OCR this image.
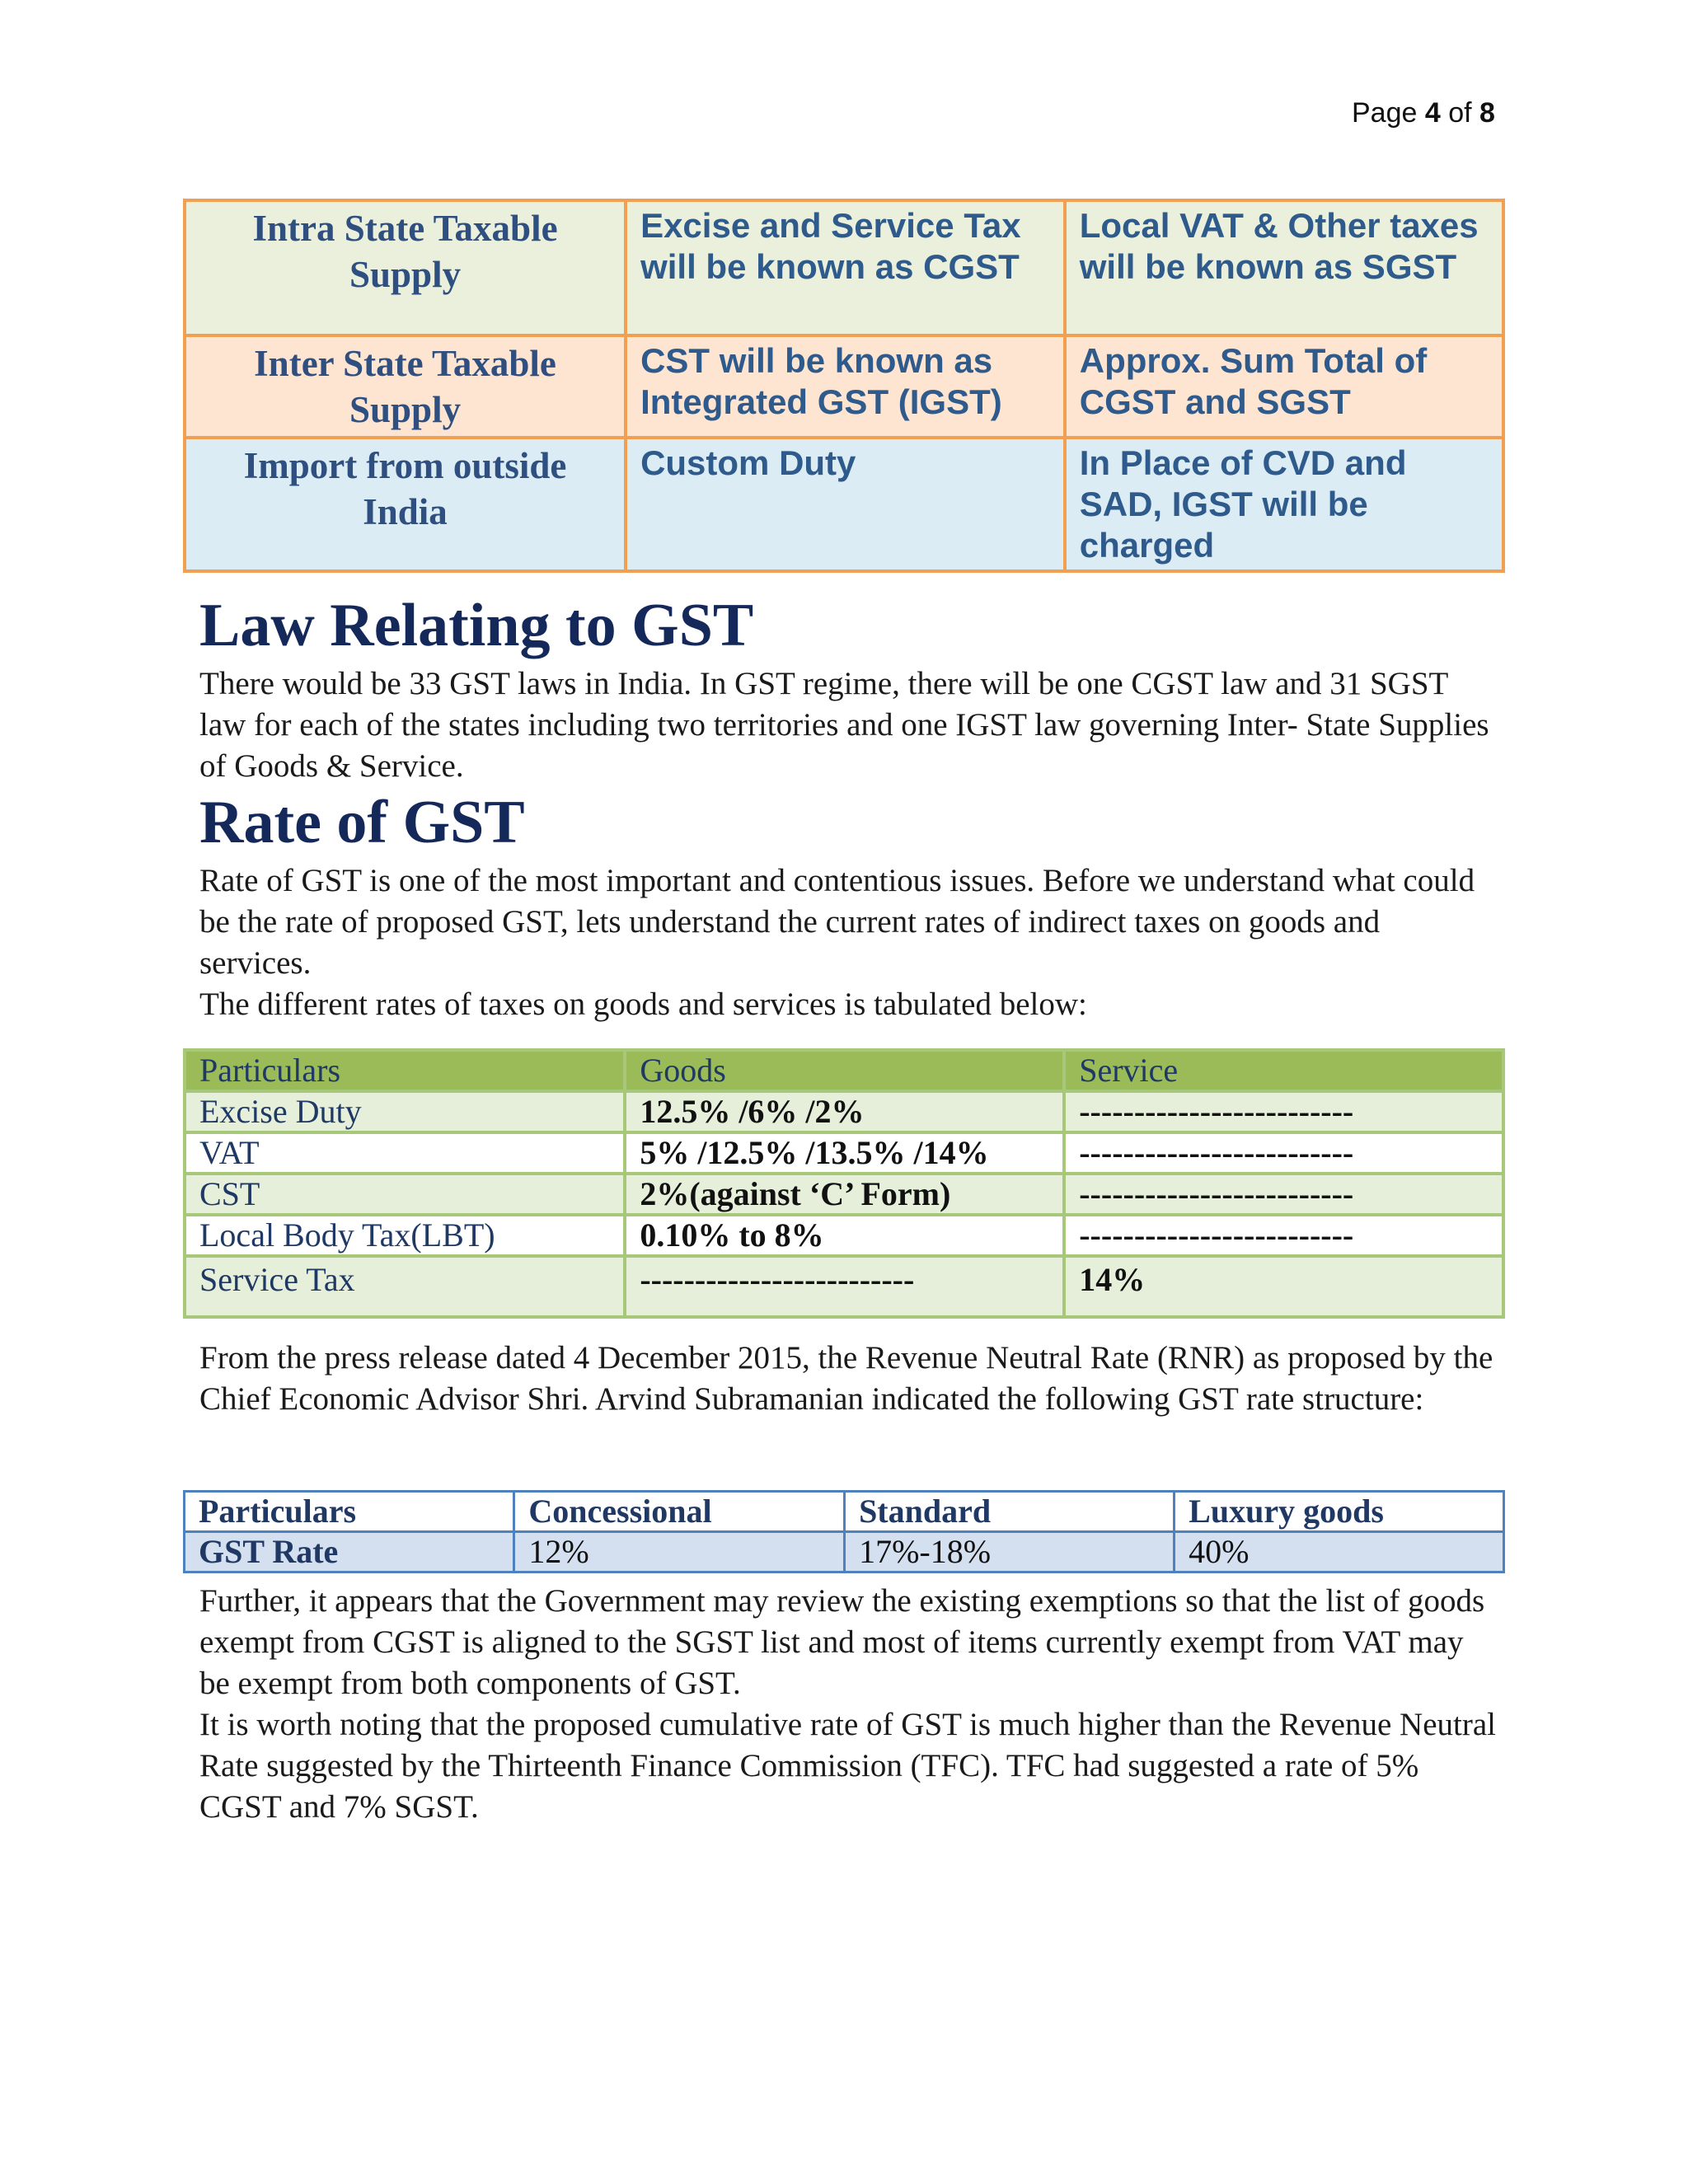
Page 4 of 8
Intra State Taxable Supply	Excise and Service Tax will be known as CGST	Local VAT & Other taxes will be known as SGST
Inter State Taxable Supply	CST will be known as Integrated GST (IGST)	Approx. Sum Total of CGST and SGST
Import from outside India	Custom Duty	In Place of CVD and SAD, IGST will be charged
Law Relating to GST

There would be 33 GST laws in India. In GST regime, there will be one CGST law and 31 SGST law for each of the states including two territories and one IGST law governing Inter- State Supplies of Goods & Service.

Rate of GST

Rate of GST is one of the most important and contentious issues. Before we understand what could be the rate of proposed GST, lets understand the current rates of indirect taxes on goods and services.

The different rates of taxes on goods and services is tabulated below:

Particulars	Goods	Service
Excise Duty	12.5% /6% /2%	-------------------------
VAT	5% /12.5% /13.5% /14%	-------------------------
CST	2%(against ‘C’ Form)	-------------------------
Local Body Tax(LBT)	0.10% to 8%	-------------------------
Service Tax	-------------------------	14%

From the press release dated 4 December 2015, the Revenue Neutral Rate (RNR) as proposed by the Chief Economic Advisor Shri. Arvind Subramanian indicated the following GST rate structure:

Particulars	Concessional	Standard	Luxury goods
GST Rate	12%	17%-18%	40%

Further, it appears that the Government may review the existing exemptions so that the list of goods exempt from CGST is aligned to the SGST list and most of items currently exempt from VAT may be exempt from both components of GST.

It is worth noting that the proposed cumulative rate of GST is much higher than the Revenue Neutral Rate suggested by the Thirteenth Finance Commission (TFC). TFC had suggested a rate of 5% CGST and 7% SGST.
